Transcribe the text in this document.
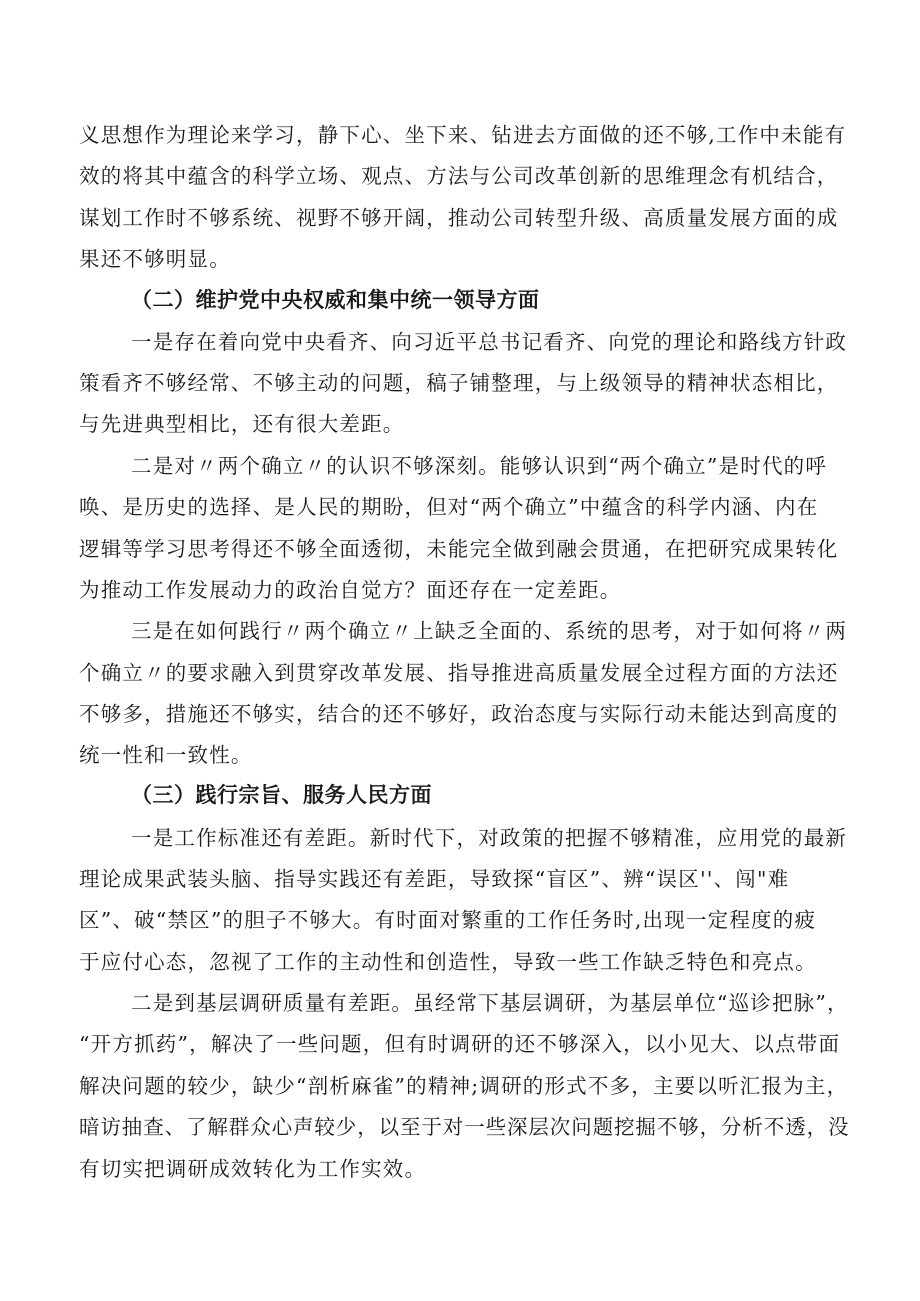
义思想作为理论来学习，静下心、坐下来、钻进去方面做的还不够,工作中未能有
效的将其中蕴含的科学立场、观点、方法与公司改革创新的思维理念有机结合，
谋划工作时不够系统、视野不够开阔，推动公司转型升级、高质量发展方面的成
果还不够明显。
（二）维护党中央权威和集中统一领导方面
一是存在着向党中央看齐、向习近平总书记看齐、向党的理论和路线方针政
策看齐不够经常、不够主动的问题，稿子铺整理，与上级领导的精神状态相比，
与先进典型相比，还有很大差距。
二是对〃两个确立〃的认识不够深刻。能够认识到“两个确立”是时代的呼
唤、是历史的选择、是人民的期盼，但对“两个确立”中蕴含的科学内涵、内在
逻辑等学习思考得还不够全面透彻，未能完全做到融会贯通，在把研究成果转化
为推动工作发展动力的政治自觉方？面还存在一定差距。
三是在如何践行〃两个确立〃上缺乏全面的、系统的思考，对于如何将〃两
个确立〃的要求融入到贯穿改革发展、指导推进高质量发展全过程方面的方法还
不够多，措施还不够实，结合的还不够好，政治态度与实际行动未能达到高度的
统一性和一致性。
（三）践行宗旨、服务人民方面
一是工作标准还有差距。新时代下，对政策的把握不够精准，应用党的最新
理论成果武装头脑、指导实践还有差距，导致探“盲区”、辨“误区''、闯"难
区”、破“禁区”的胆子不够大。有时面对繁重的工作任务时,出现一定程度的疲
于应付心态，忽视了工作的主动性和创造性，导致一些工作缺乏特色和亮点。
二是到基层调研质量有差距。虽经常下基层调研，为基层单位“巡诊把脉”，
“开方抓药”，解决了一些问题，但有时调研的还不够深入，以小见大、以点带面
解决问题的较少，缺少“剖析麻雀”的精神;调研的形式不多，主要以听汇报为主，
暗访抽查、了解群众心声较少，以至于对一些深层次问题挖掘不够，分析不透，没
有切实把调研成效转化为工作实效。
